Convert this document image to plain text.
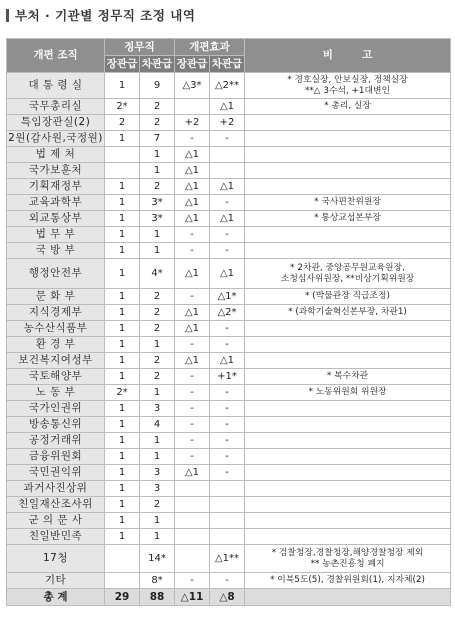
부처 · 기관별 정무직 조정 내역
개편 조직	정무직		개편효과		비        고
	장관급	차관급	장관급	차관급	
대 통 령 실	1	9	△3*	△2**	* 경호실장, 안보실장, 정책실장
**△ 3수석, +1대변인
국무총리실	2*	2		△1	* 총리, 실장
특임장관실(2)	2	2	+2	+2	
2원(감사원,국정원)	1	7	-	-	
법 제 처		1	△1		
국가보훈처		1	△1		
기획재정부	1	2	△1	△1	
교육과학부	1	3*	△1	-	* 국사편찬위원장
외교통상부	1	3*	△1	△1	* 통상교섭본부장
법 무 부	1	1	-	-	
국 방 부	1	1	-	-	
행정안전부	1	4*	△1	△1	* 2차관, 중앙공무원교육원장,
소청심사위원장, **비상기획위원장
문 화 부	1	2	-	△1*	* (박물관장 직급조정)
지식경제부	1	2	△1	△2*	* (과학기술혁신본부장, 차관1)
농수산식품부	1	2	△1	-	
환 경 부	1	1	-	-	
보건복지여성부	1	2	△1	△1	
국토해양부	1	2	-	+1*	* 복수차관
노 동 부	2*	1	-	-	* 노동위원회 위원장
국가인권위	1	3	-	-	
방송통신위	1	4	-	-	
공정거래위	1	1	-	-	
금융위원회	1	1	-	-	
국민권익위	1	3	△1	-	
과거사진상위	1	3			
친일재산조사위	1	2			
군 의 문 사	1	1			
친일반민족	1	1			
17청		14*		△1**	* 검찰청장,경찰청장,해양경찰청장 제외
** 농촌진흥청 폐지
기타		8*	-	-	* 이북5도(5), 경찰위원회(1), 지자체(2)
총 계	29	88	△11	△8	
